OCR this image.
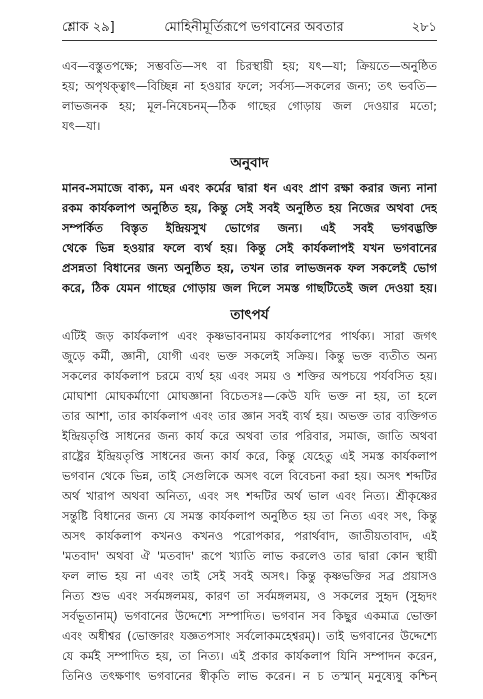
শ্লোক ২৯]	মোহিনীমূর্তিরূপে ভগবানের অবতার	২৮১
এব—বস্তুতপক্ষে; সম্ভবতি—সৎ বা চিরস্থায়ী হয়; যৎ—যা; ক্রিয়তে—অনুষ্ঠিত
হয়; অপৃথক্ত্বাৎ—বিচ্ছিন্ন না হওয়ার ফলে; সর্বস্য—সকলের জন্য; তৎ ভবতি—
লাভজনক হয়; মূল-নিষেচনম্—ঠিক গাছের গোড়ায় জল দেওয়ার মতো;
যৎ—যা।
অনুবাদ
মানব-সমাজে বাক্য, মন এবং কর্মের দ্বারা ধন এবং প্রাণ রক্ষা করার জন্য নানা
রকম কার্যকলাপ অনুষ্ঠিত হয়, কিন্তু সেই সবই অনুষ্ঠিত হয় নিজের অথবা দেহ
সম্পর্কিত বিস্তৃত ইন্দ্রিয়সুখ ভোগের জন্য। এই সবই ভগবদ্ভক্তি
থেকে ভিন্ন হওয়ার ফলে ব্যর্থ হয়। কিন্তু সেই কার্যকলাপই যখন ভগবানের
প্রসন্নতা বিধানের জন্য অনুষ্ঠিত হয়, তখন তার লাভজনক ফল সকলেই ভোগ
করে, ঠিক যেমন গাছের গোড়ায় জল দিলে সমস্ত গাছটিতেই জল দেওয়া হয়।
তাৎপর্য
এটিই জড় কার্যকলাপ এবং কৃষ্ণভাবনাময় কার্যকলাপের পার্থক্য। সারা জগৎ
জুড়ে কর্মী, জ্ঞানী, যোগী এবং ভক্ত সকলেই সক্রিয়। কিন্তু ভক্ত ব্যতীত অন্য
সকলের কার্যকলাপ চরমে ব্যর্থ হয় এবং সময় ও শক্তির অপচয়ে পর্যবসিত হয়।
মোঘাশা মোঘকর্মাণো মোঘজ্ঞানা বিচেতসঃ—কেউ যদি ভক্ত না হয়, তা হলে
তার আশা, তার কার্যকলাপ এবং তার জ্ঞান সবই ব্যর্থ হয়। অভক্ত তার ব্যক্তিগত
ইন্দ্রিয়তৃপ্তি সাধনের জন্য কার্য করে অথবা তার পরিবার, সমাজ, জাতি অথবা
রাষ্ট্রের ইন্দ্রিয়তৃপ্তি সাধনের জন্য কার্য করে, কিন্তু যেহেতু এই সমস্ত কার্যকলাপ
ভগবান থেকে ভিন্ন, তাই সেগুলিকে অসৎ বলে বিবেচনা করা হয়। অসৎ শব্দটির
অর্থ খারাপ অথবা অনিত্য, এবং সৎ শব্দটির অর্থ ভাল এবং নিত্য। শ্রীকৃষ্ণের
সন্তুষ্টি বিধানের জন্য যে সমস্ত কার্যকলাপ অনুষ্ঠিত হয় তা নিত্য এবং সৎ, কিন্তু
অসৎ কার্যকলাপ কখনও কখনও পরোপকার, পরার্থবাদ, জাতীয়তাবাদ, এই
'মতবাদ' অথবা ঐ 'মতবাদ' রূপে খ্যাতি লাভ করলেও তার দ্বারা কোন স্থায়ী
ফল লাভ হয় না এবং তাই সেই সবই অসৎ। কিন্তু কৃষ্ণভক্তির সব্র প্রয়াসও
নিত্য শুভ এবং সর্বমঙ্গলময়, কারণ তা সর্বমঙ্গলময়, ও সকলের সুহৃদ (সুহৃদং
সর্বভূতানাম্) ভগবানের উদ্দেশ্যে সম্পাদিত। ভগবান সব কিছুর একমাত্র ভোক্তা
এবং অধীশ্বর (ভোক্তারং যজ্ঞতপসাং সর্বলোকমহেশ্বরম্)। তাই ভগবানের উদ্দেশ্যে
যে কর্মই সম্পাদিত হয়, তা নিত্য। এই প্রকার কার্যকলাপ যিনি সম্পাদন করেন,
তিনিও তৎক্ষণাৎ ভগবানের স্বীকৃতি লাভ করেন। ন চ তস্মান্ মনুষ্যেষু কশ্চিন্
